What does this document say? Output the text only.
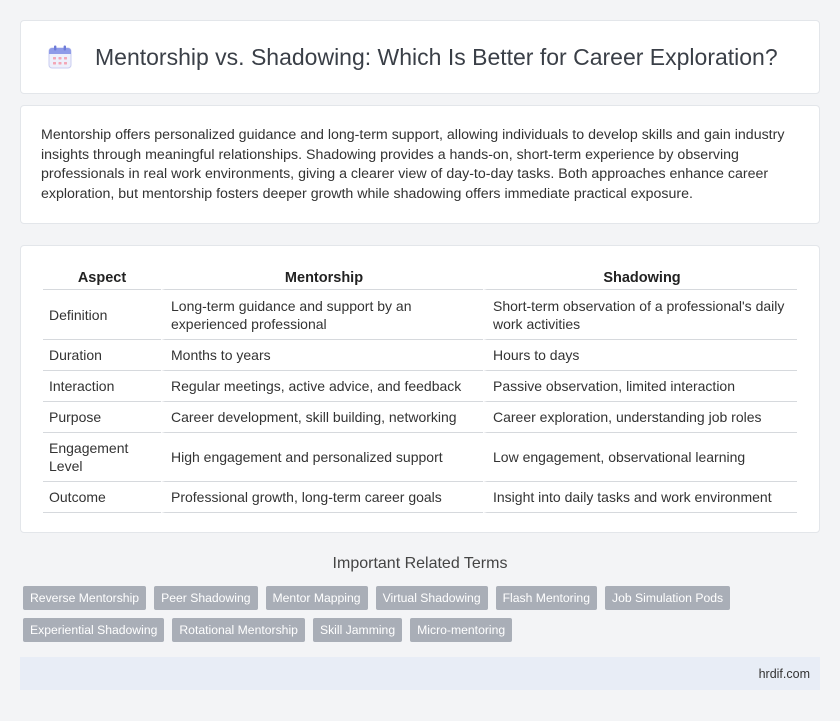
Mentorship vs. Shadowing: Which Is Better for Career Exploration?

Mentorship offers personalized guidance and long-term support, allowing individuals to develop skills and gain industry insights through meaningful relationships. Shadowing provides a hands-on, short-term experience by observing professionals in real work environments, giving a clearer view of day-to-day tasks. Both approaches enhance career exploration, but mentorship fosters deeper growth while shadowing offers immediate practical exposure.

Aspect	Mentorship	Shadowing
Definition	Long-term guidance and support by an experienced professional	Short-term observation of a professional's daily work activities
Duration	Months to years	Hours to days
Interaction	Regular meetings, active advice, and feedback	Passive observation, limited interaction
Purpose	Career development, skill building, networking	Career exploration, understanding job roles
Engagement Level	High engagement and personalized support	Low engagement, observational learning
Outcome	Professional growth, long-term career goals	Insight into daily tasks and work environment
Important Related Terms
Reverse Mentorship	Peer Shadowing	Mentor Mapping	Virtual Shadowing	Flash Mentoring	Job Simulation Pods
Experiential Shadowing	Rotational Mentorship	Skill Jamming	Micro-mentoring
hrdif.com
